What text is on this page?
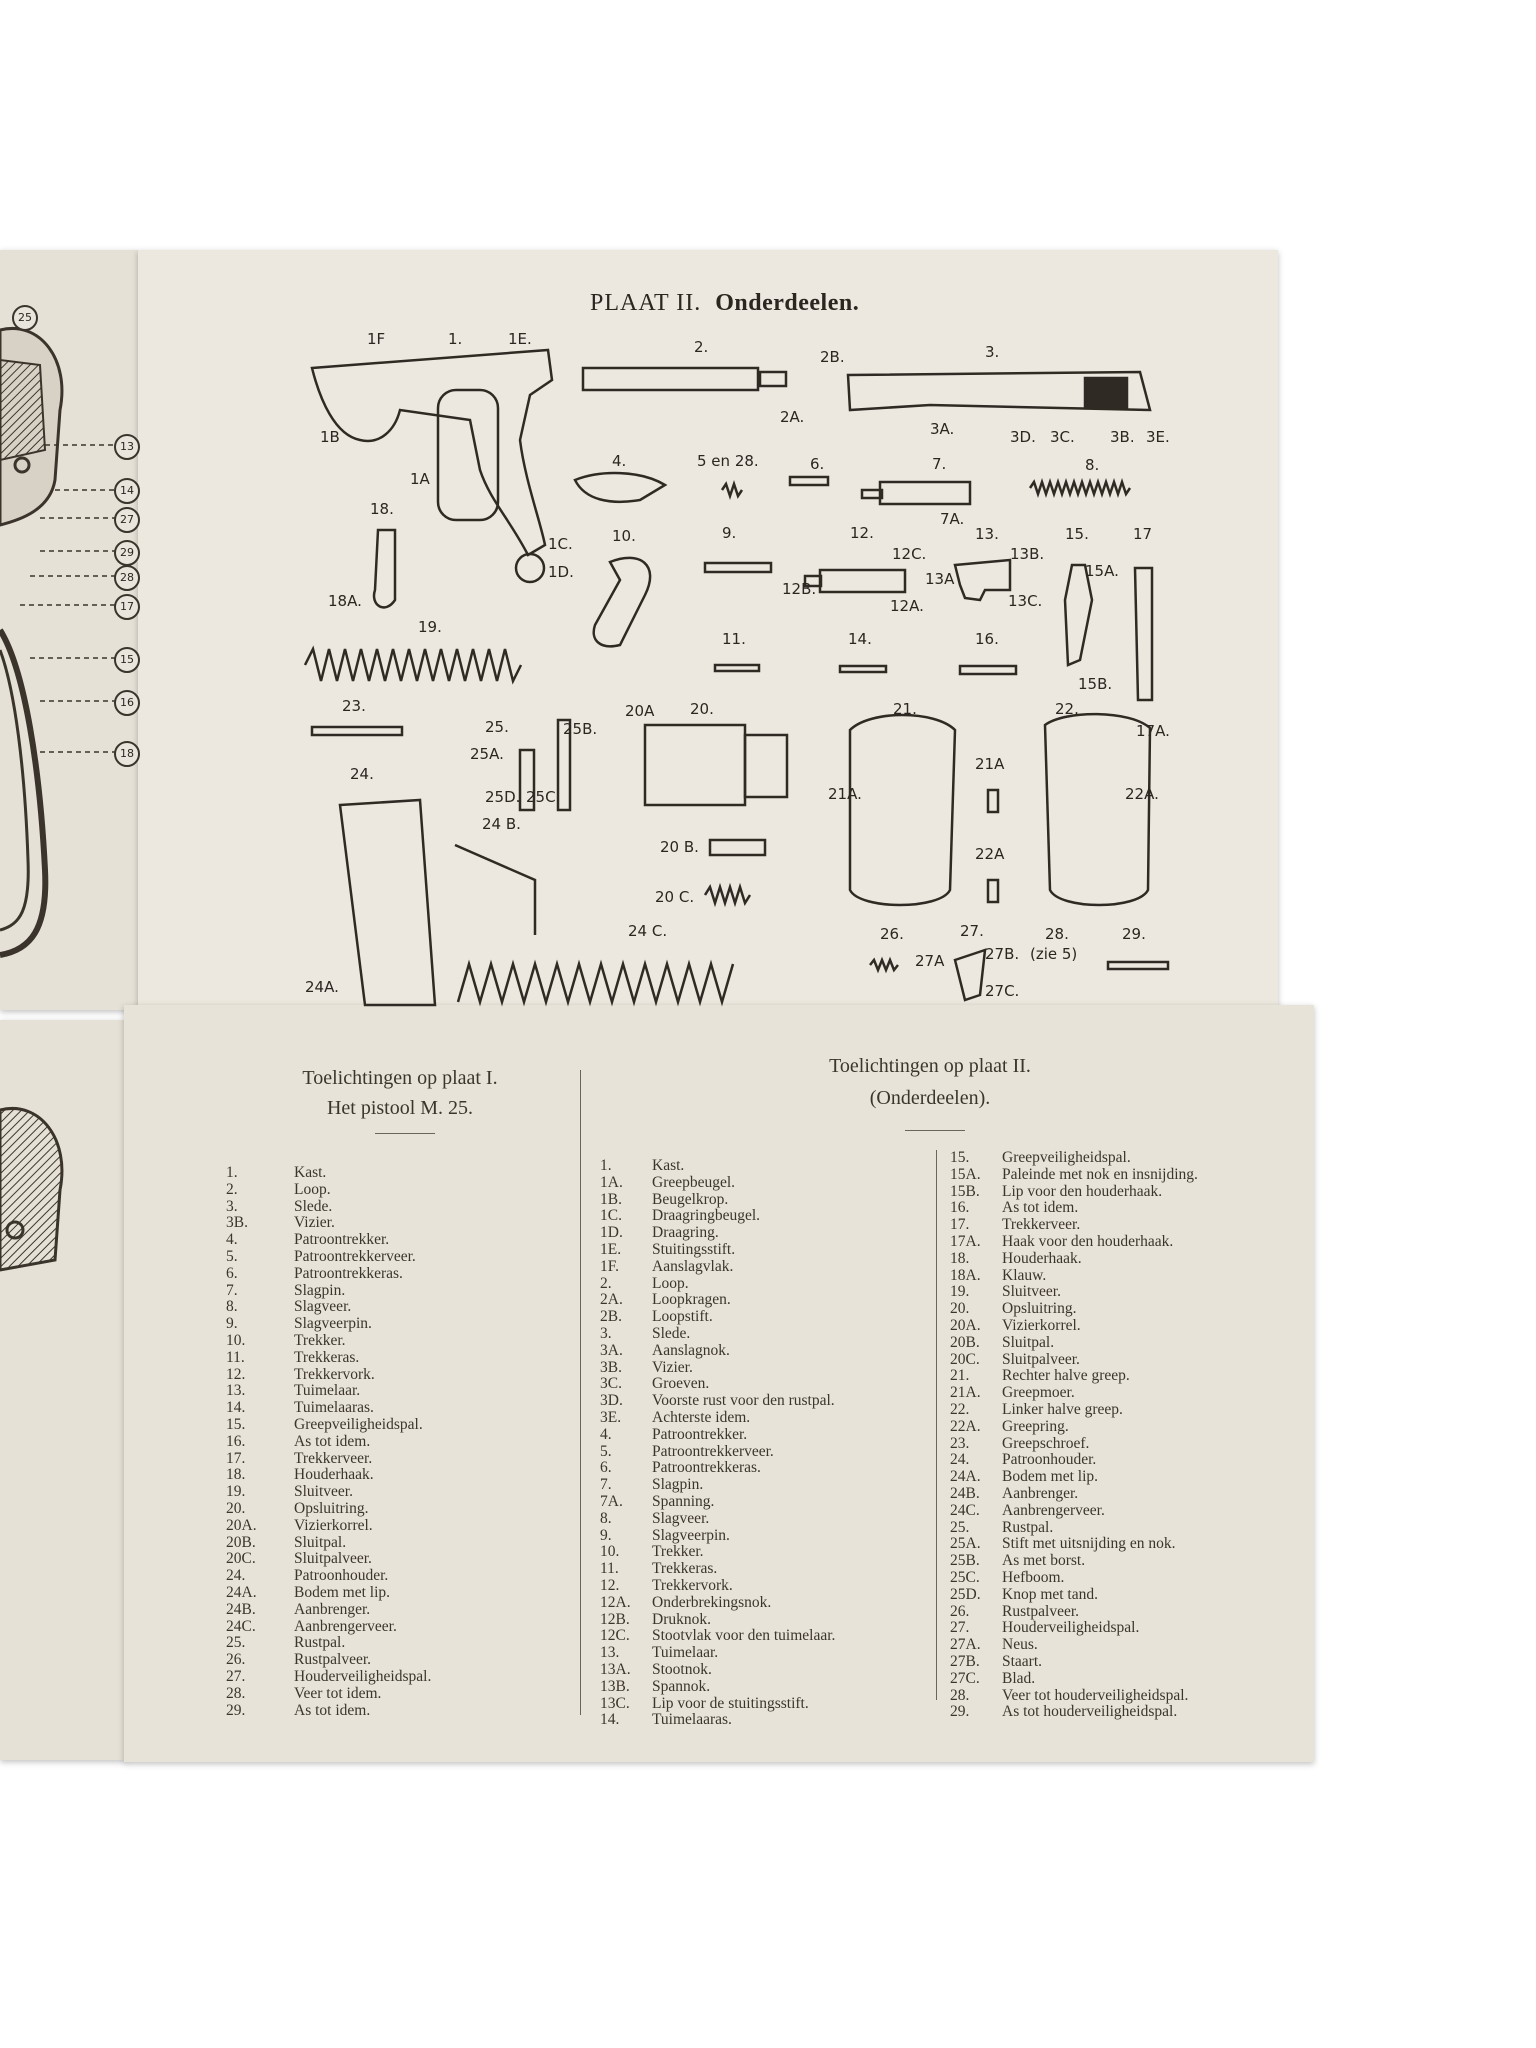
25
13
14
27
29
28
17
15
16
18
PLAAT II. Onderdeelen.
1F	1.	1E.
1B
1A
1C.
1D.
2.
2B.
2A.
3.
3A.	3D. 3C. 3B. 3E.
4.	5 en 28.	6.	7.
7A.
8.
18.
18A.
10.	9.	12.
12C.
12B.
12A.
13.
13A
13B.
13C.
15.
15A.
15B.
17
17A.
11.	14.	16.
19.
23.
25.	25B.
25A.
25D. 25C.
24 B.
24.
24A.
20A 20.
20 B.
20 C.
24 C.
21.
21A
21A.
22A
22.
22A.
26.	27.
27A	27B. (zie 5)
28.	29.
27C.
Toelichtingen op plaat I.
Het pistool M. 25.
1.	Kast.
2.	Loop.
3.	Slede.
3B.	Vizier.
4.	Patroontrekker.
5.	Patroontrekkerveer.
6.	Patroontrekkeras.
7.	Slagpin.
8.	Slagveer.
9.	Slagveerpin.
10.	Trekker.
11.	Trekkeras.
12.	Trekkervork.
13.	Tuimelaar.
14.	Tuimelaaras.
15.	Greepveiligheidspal.
16.	As tot idem.
17.	Trekkerveer.
18.	Houderhaak.
19.	Sluitveer.
20.	Opsluitring.
20A.	Vizierkorrel.
20B.	Sluitpal.
20C.	Sluitpalveer.
24.	Patroonhouder.
24A.	Bodem met lip.
24B.	Aanbrenger.
24C.	Aanbrengerveer.
25.	Rustpal.
26.	Rustpalveer.
27.	Houderveiligheidspal.
28.	Veer tot idem.
29.	As tot idem.
Toelichtingen op plaat II.
(Onderdeelen).
1.	Kast.
1A.	Greepbeugel.
1B.	Beugelkrop.
1C.	Draagringbeugel.
1D.	Draagring.
1E.	Stuitingsstift.
1F.	Aanslagvlak.
2.	Loop.
2A.	Loopkragen.
2B.	Loopstift.
3.	Slede.
3A.	Aanslagnok.
3B.	Vizier.
3C.	Groeven.
3D.	Voorste rust voor den rustpal.
3E.	Achterste idem.
4.	Patroontrekker.
5.	Patroontrekkerveer.
6.	Patroontrekkeras.
7.	Slagpin.
7A.	Spanning.
8.	Slagveer.
9.	Slagveerpin.
10.	Trekker.
11.	Trekkeras.
12.	Trekkervork.
12A.	Onderbrekingsnok.
12B.	Druknok.
12C.	Stootvlak voor den tuimelaar.
13.	Tuimelaar.
13A.	Stootnok.
13B.	Spannok.
13C.	Lip voor de stuitingsstift.
14.	Tuimelaaras.
15.	Greepveiligheidspal.
15A.	Paleinde met nok en insnijding.
15B.	Lip voor den houderhaak.
16.	As tot idem.
17.	Trekkerveer.
17A.	Haak voor den houderhaak.
18.	Houderhaak.
18A.	Klauw.
19.	Sluitveer.
20.	Opsluitring.
20A.	Vizierkorrel.
20B.	Sluitpal.
20C.	Sluitpalveer.
21.	Rechter halve greep.
21A.	Greepmoer.
22.	Linker halve greep.
22A.	Greepring.
23.	Greepschroef.
24.	Patroonhouder.
24A.	Bodem met lip.
24B.	Aanbrenger.
24C.	Aanbrengerveer.
25.	Rustpal.
25A.	Stift met uitsnijding en nok.
25B.	As met borst.
25C.	Hefboom.
25D.	Knop met tand.
26.	Rustpalveer.
27.	Houderveiligheidspal.
27A.	Neus.
27B.	Staart.
27C.	Blad.
28.	Veer tot houderveiligheidspal.
29.	As tot houderveiligheidspal.
